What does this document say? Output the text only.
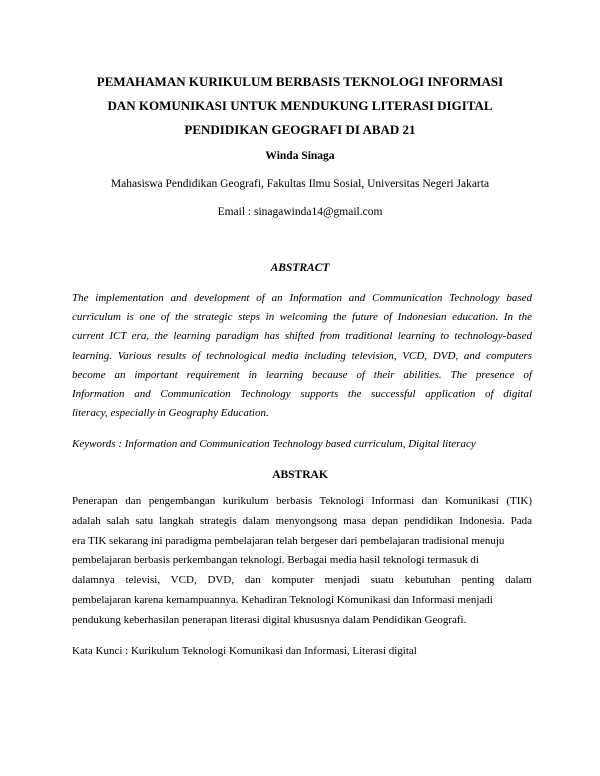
PEMAHAMAN KURIKULUM BERBASIS TEKNOLOGI INFORMASI
DAN KOMUNIKASI UNTUK MENDUKUNG LITERASI DIGITAL
PENDIDIKAN GEOGRAFI DI ABAD 21
Winda Sinaga
Mahasiswa Pendidikan Geografi, Fakultas Ilmu Sosial, Universitas Negeri Jakarta
Email : sinagawinda14@gmail.com
ABSTRACT
The implementation and development of an Information and Communication Technology based
curriculum is one of the strategic steps in welcoming the future of Indonesian education. In the
current ICT era, the learning paradigm has shifted from traditional learning to technology-based
learning. Various results of technological media including television, VCD, DVD, and computers
become an important requirement in learning because of their abilities. The presence of
Information and Communication Technology supports the successful application of digital
literacy, especially in Geography Education.
Keywords : Information and Communication Technology based curriculum, Digital literacy
ABSTRAK
Penerapan dan pengembangan kurikulum berbasis Teknologi Informasi dan Komunikasi (TIK)
adalah salah satu langkah strategis dalam menyongsong masa depan pendidikan Indonesia. Pada
era TIK sekarang ini paradigma pembelajaran telah bergeser dari pembelajaran tradisional menuju
pembelajaran berbasis perkembangan teknologi. Berbagai media hasil teknologi termasuk di
dalamnya televisi, VCD, DVD, dan komputer menjadi suatu kebutuhan penting dalam
pembelajaran karena kemampuannya. Kehadiran Teknologi Komunikasi dan Informasi menjadi
pendukung keberhasilan penerapan literasi digital khususnya dalam Pendidikan Geografi.
Kata Kunci : Kurikulum Teknologi Komunikasi dan Informasi, Literasi digital
